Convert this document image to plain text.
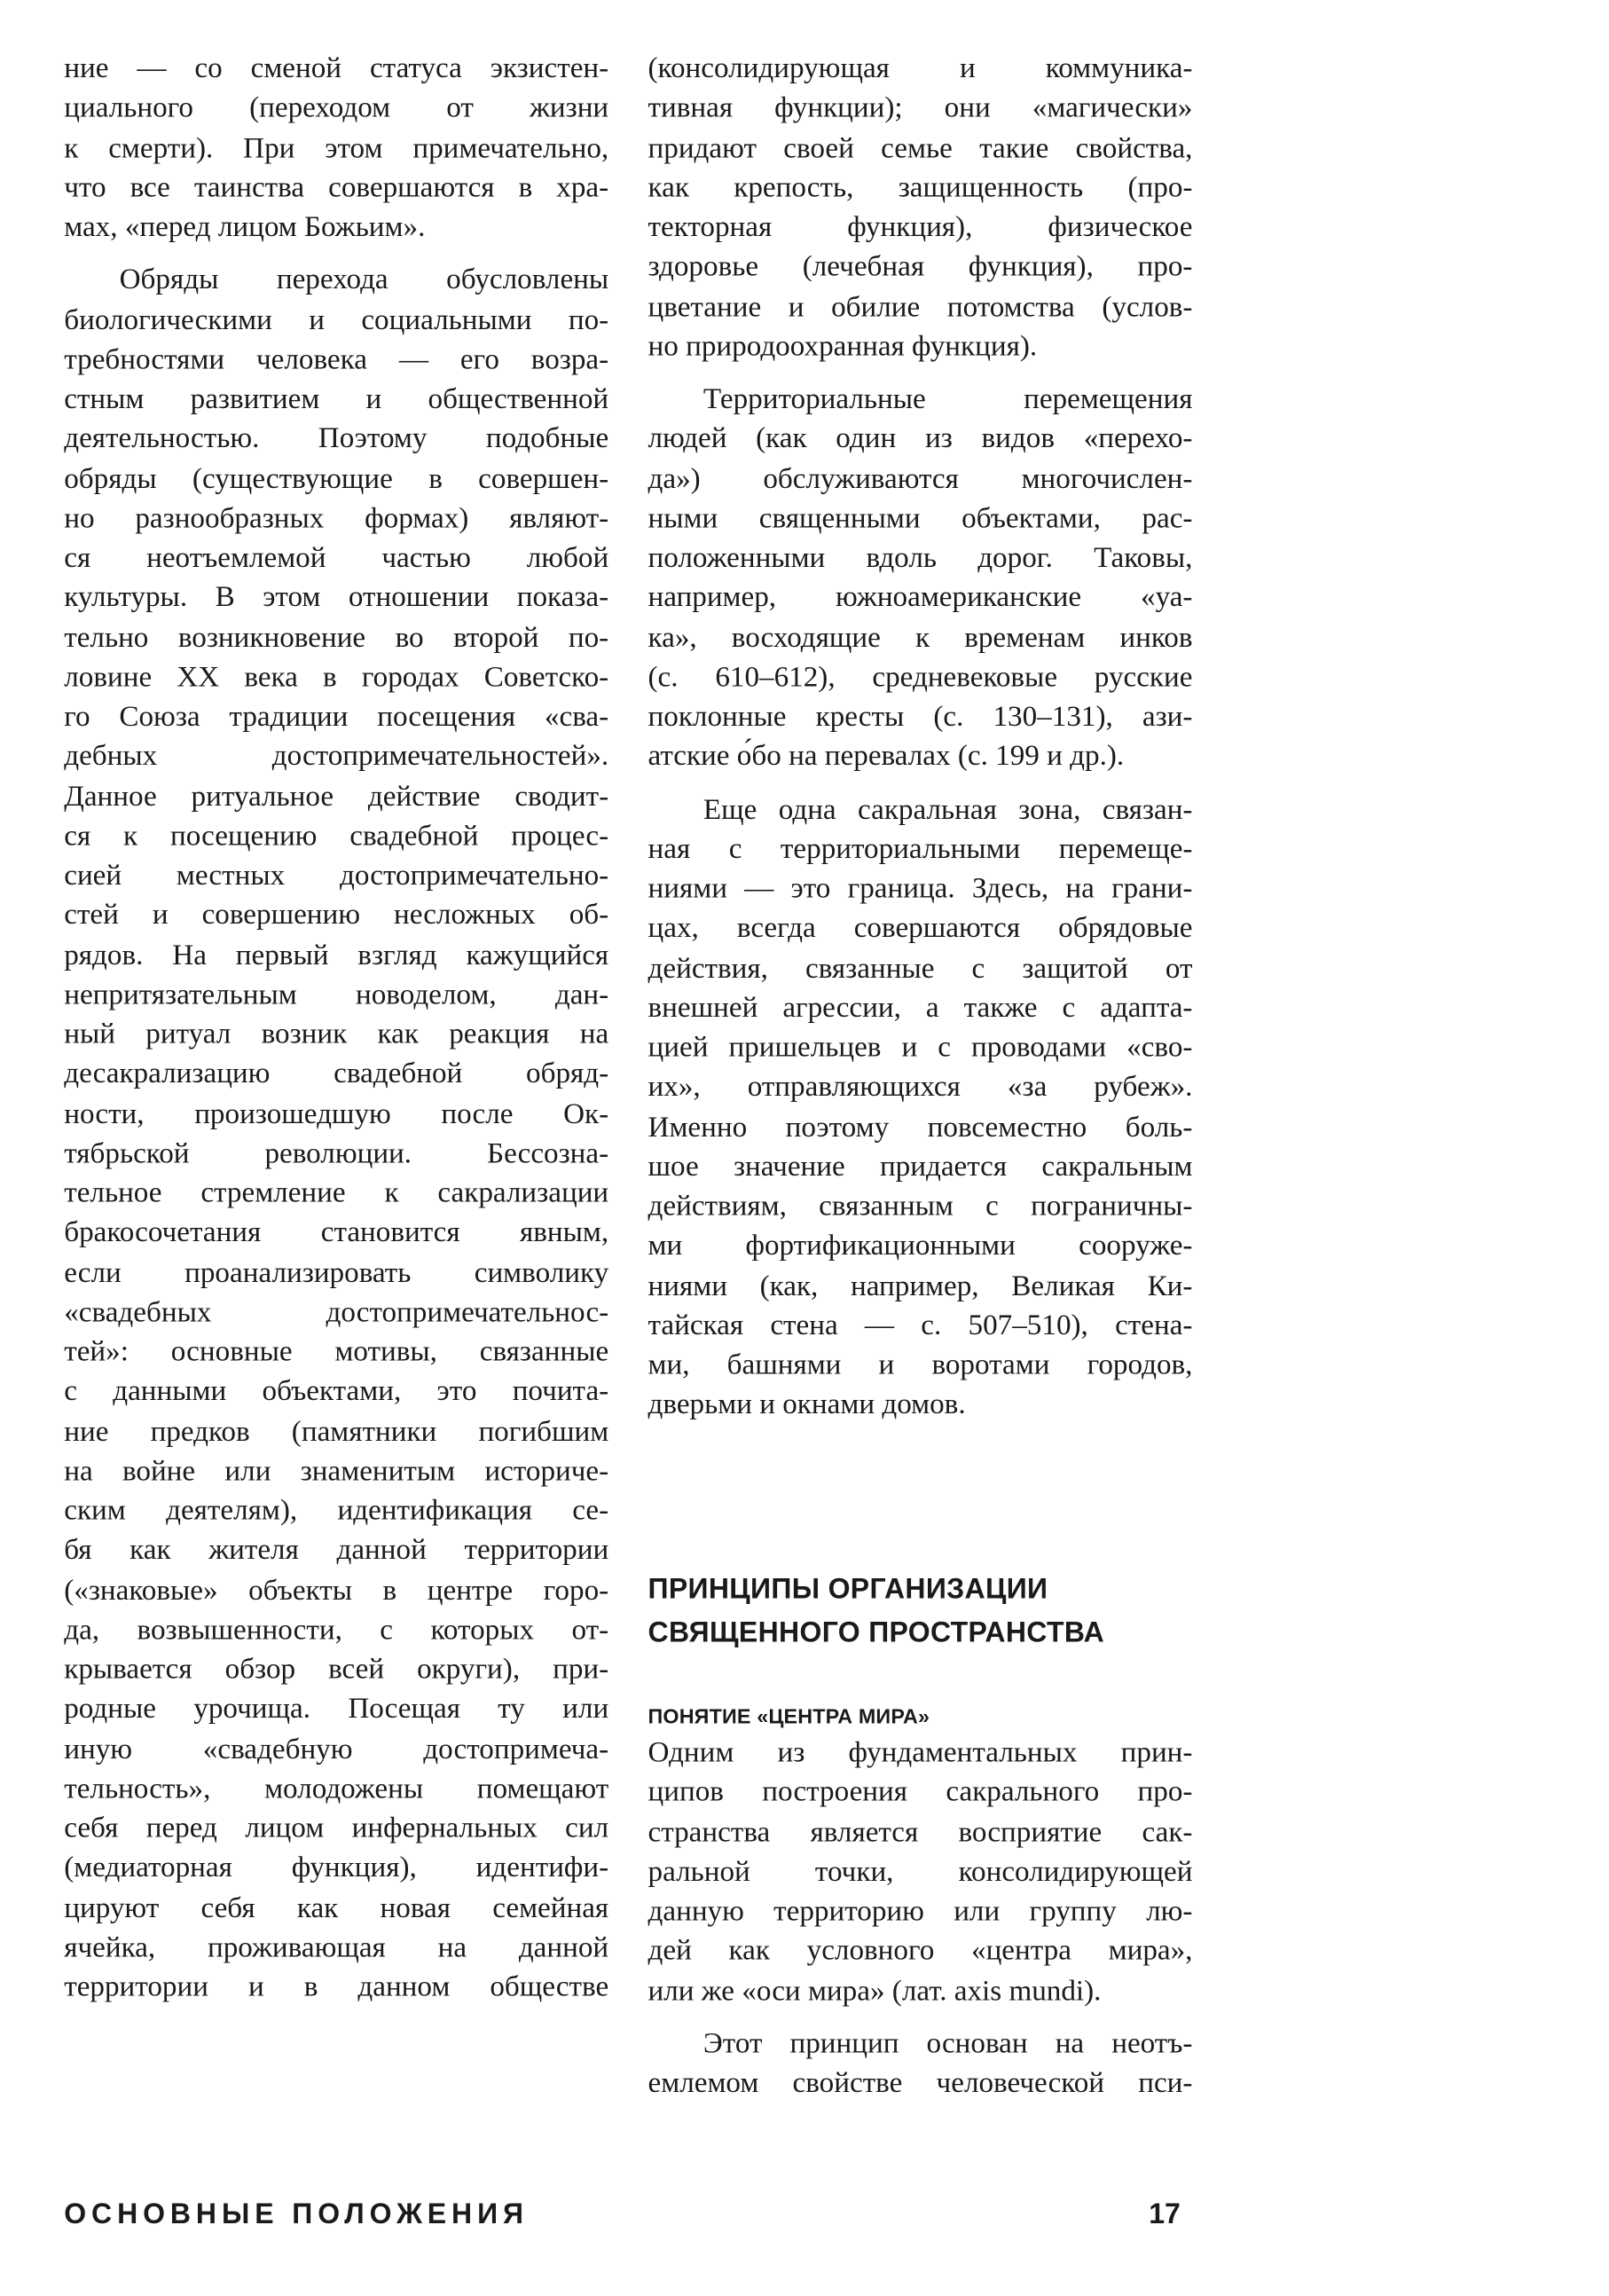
ние — со сменой статуса экзистен-
циального (переходом от жизни
к смерти). При этом примечательно,
что все таинства совершаются в хра-
мах, «перед лицом Божьим».
Обряды перехода обусловлены
биологическими и социальными по-
требностями человека — его возра-
стным развитием и общественной
деятельностью. Поэтому подобные
обряды (существующие в совершен-
но разнообразных формах) являют-
ся неотъемлемой частью любой
культуры. В этом отношении показа-
тельно возникновение во второй по-
ловине XX века в городах Советско-
го Союза традиции посещения «сва-
дебных достопримечательностей».
Данное ритуальное действие сводит-
ся к посещению свадебной процес-
сией местных достопримечательно-
стей и совершению несложных об-
рядов. На первый взгляд кажущийся
непритязательным новоделом, дан-
ный ритуал возник как реакция на
десакрализацию свадебной обряд-
ности, произошедшую после Ок-
тябрьской революции. Бессозна-
тельное стремление к сакрализации
бракосочетания становится явным,
если проанализировать символику
«свадебных достопримечательнос-
тей»: основные мотивы, связанные
с данными объектами, это почита-
ние предков (памятники погибшим
на войне или знаменитым историче-
ским деятелям), идентификация се-
бя как жителя данной территории
(«знаковые» объекты в центре горо-
да, возвышенности, с которых от-
крывается обзор всей округи), при-
родные урочища. Посещая ту или
иную «свадебную достопримеча-
тельность», молодожены помещают
себя перед лицом инфернальных сил
(медиаторная функция), идентифи-
цируют себя как новая семейная
ячейка, проживающая на данной
территории и в данном обществе
(консолидирующая и коммуника-
тивная функции); они «магически»
придают своей семье такие свойства,
как крепость, защищенность (про-
текторная функция), физическое
здоровье (лечебная функция), про-
цветание и обилие потомства (услов-
но природоохранная функция).
Территориальные перемещения
людей (как один из видов «перехо-
да») обслуживаются многочислен-
ными священными объектами, рас-
положенными вдоль дорог. Таковы,
например, южноамериканские «уа-
ка», восходящие к временам инков
(с. 610–612), средневековые русские
поклонные кресты (с. 130–131), ази-
атские о́бо на перевалах (с. 199 и др.).
Еще одна сакральная зона, связан-
ная с территориальными перемеще-
ниями — это граница. Здесь, на грани-
цах, всегда совершаются обрядовые
действия, связанные с защитой от
внешней агрессии, а также с адапта-
цией пришельцев и с проводами «сво-
их», отправляющихся «за рубеж».
Именно поэтому повсеместно боль-
шое значение придается сакральным
действиям, связанным с пограничны-
ми фортификационными сооруже-
ниями (как, например, Великая Ки-
тайская стена — с. 507–510), стена-
ми, башнями и воротами городов,
дверьми и окнами домов.
ПРИНЦИПЫ ОРГАНИЗАЦИИ
СВЯЩЕННОГО ПРОСТРАНСТВА
ПОНЯТИЕ «ЦЕНТРА МИРА»
Одним из фундаментальных прин-
ципов построения сакрального про-
странства является восприятие сак-
ральной точки, консолидирующей
данную территорию или группу лю-
дей как условного «центра мира»,
или же «оси мира» (лат. axis mundi).
Этот принцип основан на неотъ-
емлемом свойстве человеческой пси-
ОСНОВНЫЕ ПОЛОЖЕНИЯ	17
